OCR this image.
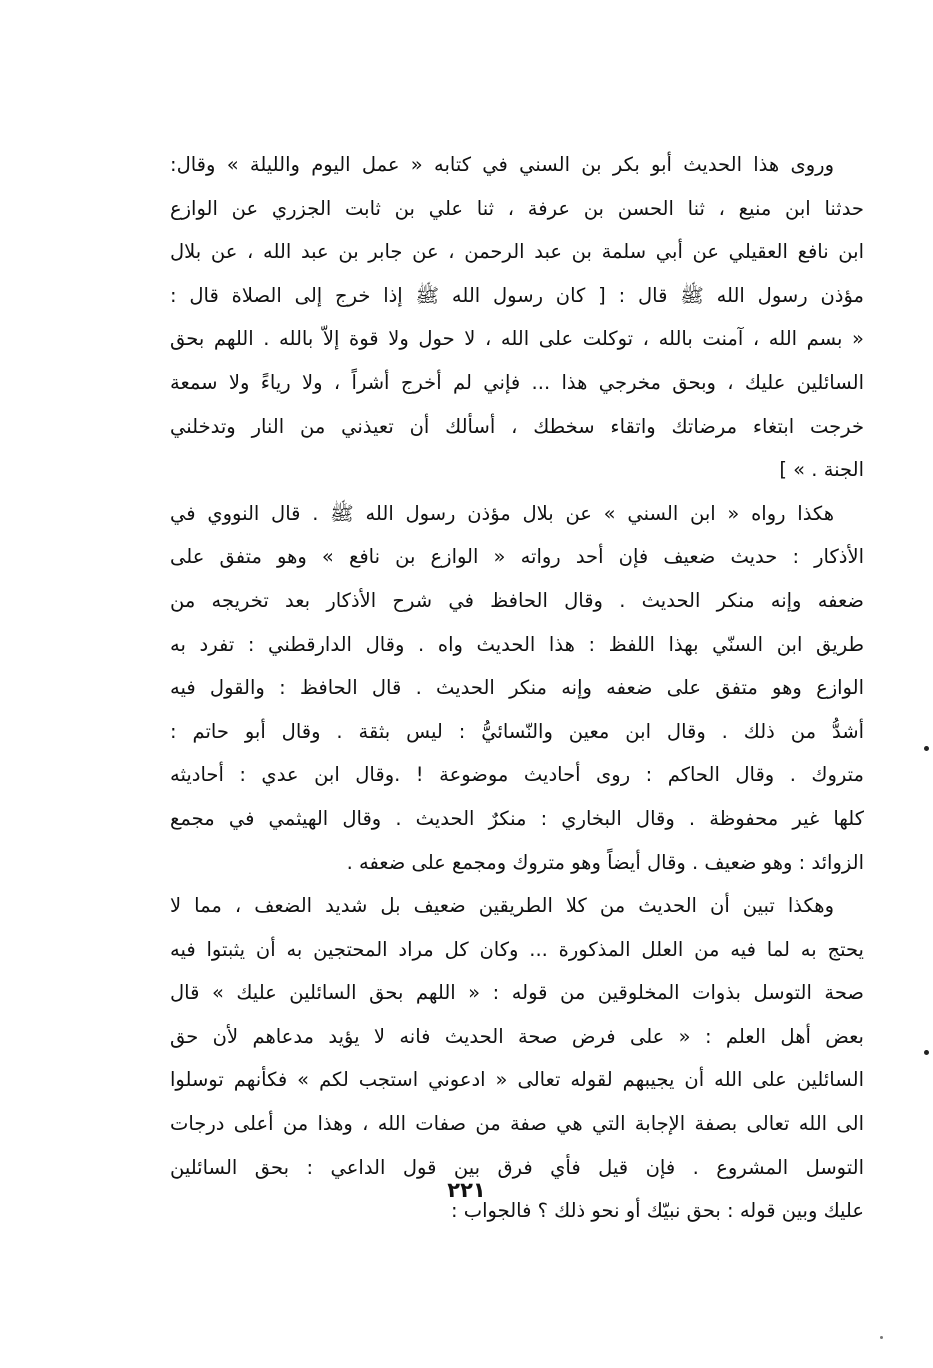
وروى هذا الحديث أبو بكر بن السني في كتابه « عمل اليوم والليلة » وقال:
حدثنا ابن منيع ، ثنا الحسن بن عرفة ، ثنا علي بن ثابت الجزري عن الوازع
ابن نافع العقيلي عن أبي سلمة بن عبد الرحمن ، عن جابر بن عبد الله ، عن بلال
مؤذن رسول الله ﷺ قال : [ كان رسول الله ﷺ إذا خرج إلى الصلاة قال :
« بسم الله ، آمنت بالله ، توكلت على الله ، لا حول ولا قوة إلاّ بالله . اللهم بحق
السائلين عليك ، وبحق مخرجي هذا ... فإني لم أخرج أشراً ، ولا رياءً ولا سمعة
خرجت ابتغاء مرضاتك واتقاء سخطك ، أسألك أن تعيذني من النار وتدخلني
الجنة . » ]
هكذا رواه « ابن السني » عن بلال مؤذن رسول الله ﷺ . قال النووي في
الأذكار : حديث ضعيف فإن أحد رواته « الوازع بن نافع » وهو متفق على
ضعفه وإنه منكر الحديث . وقال الحافظ في شرح الأذكار بعد تخريجه من
طريق ابن السنّي بهذا اللفظ : هذا الحديث واه . وقال الدارقطني : تفرد به
الوازع وهو متفق على ضعفه وإنه منكر الحديث . قال الحافظ : والقول فيه
أشدُّ من ذلك . وقال ابن معين والنّسائيُّ : ليس بثقة . وقال أبو حاتم :
متروك . وقال الحاكم : روى أحاديث موضوعة ! .وقال ابن عدي : أحاديثه
كلها غير محفوظة . وقال البخاري : منكرٌ الحديث . وقال الهيثمي في مجمع
الزوائد : وهو ضعيف . وقال أيضاً وهو متروك ومجمع على ضعفه .
وهكذا تبين أن الحديث من كلا الطريقين ضعيف بل شديد الضعف ، مما لا
يحتج به لما فيه من العلل المذكورة ... وكان كل مراد المحتجين به أن يثبتوا فيه
صحة التوسل بذوات المخلوقين من قوله : « اللهم بحق السائلين عليك » قال
بعض أهل العلم : « على فرض صحة الحديث فانه لا يؤيد مدعاهم لأن حق
السائلين على الله أن يجيبهم لقوله تعالى « ادعوني استجب لكم » فكأنهم توسلوا
الى الله تعالى بصفة الإجابة التي هي صفة من صفات الله ، وهذا من أعلى درجات
التوسل المشروع . فإن قيل فأي فرق بين قول الداعي : بحق السائلين
عليك وبين قوله : بحق نبيّك أو نحو ذلك ؟ فالجواب :
٢٢١
